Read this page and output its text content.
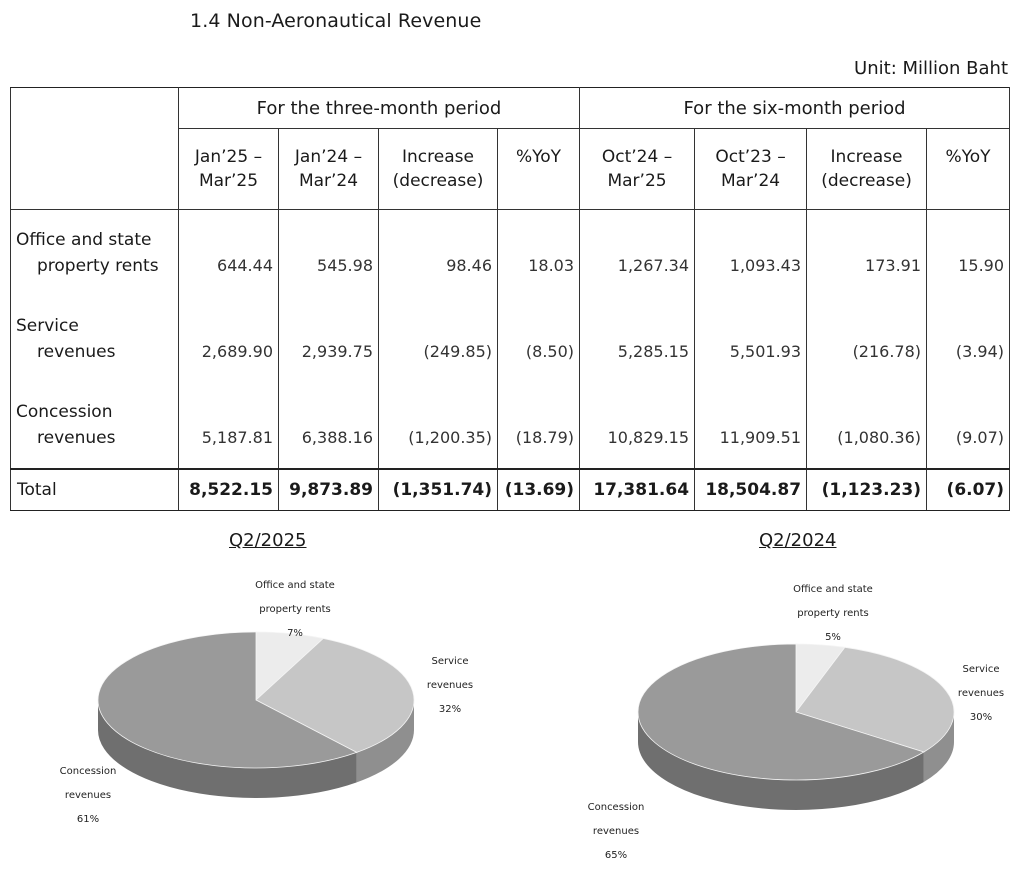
1.4 Non-Aeronautical Revenue
Unit: Million Baht
	For the three-month period				For the six-month period			
	Jan’25 –	Jan’24 –	Increase	%YoY	Oct’24 –	Oct’23 –	Increase	%YoY
	Mar’25	Mar’24	(decrease)		Mar’25	Mar’24	(decrease)	
Office and state								
property rents	644.44	545.98	98.46	18.03	1,267.34	1,093.43	173.91	15.90
Service								
revenues	2,689.90	2,939.75	(249.85)	(8.50)	5,285.15	5,501.93	(216.78)	(3.94)
Concession								
revenues	5,187.81	6,388.16	(1,200.35)	(18.79)	10,829.15	11,909.51	(1,080.36)	(9.07)
Total	8,522.15	9,873.89	(1,351.74)	(13.69)	17,381.64	18,504.87	(1,123.23)	(6.07)
Q2/2025
Office and state
property rents
7%
Service
revenues
32%
Concession
revenues
61%
Q2/2024
Office and state
property rents
5%
Service
revenues
30%
Concession
revenues
65%
